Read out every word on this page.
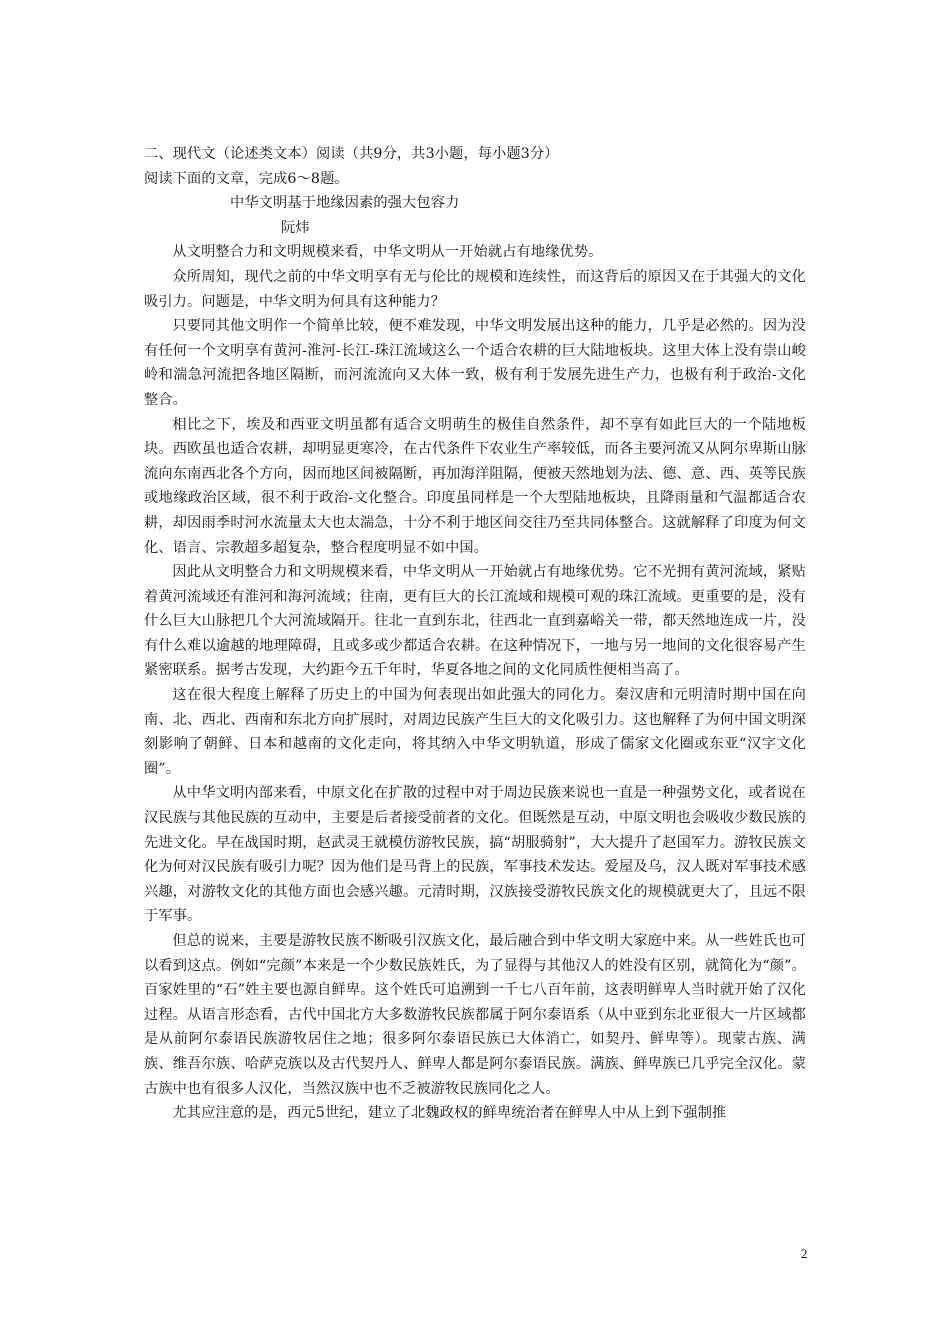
二、现代文（论述类文本）阅读（共9分，共3小题，每小题3分）

阅读下面的文章，完成6～8题。

中华文明基于地缘因素的强大包容力

阮炜

从文明整合力和文明规模来看，中华文明从一开始就占有地缘优势。

众所周知，现代之前的中华文明享有无与伦比的规模和连续性，而这背后的原因又在于其强大的文化吸引力。问题是，中华文明为何具有这种能力？

只要同其他文明作一个简单比较，便不难发现，中华文明发展出这种的能力，几乎是必然的。因为没有任何一个文明享有黄河-淮河-长江-珠江流域这么一个适合农耕的巨大陆地板块。这里大体上没有崇山峻岭和湍急河流把各地区隔断，而河流流向又大体一致，极有利于发展先进生产力，也极有利于政治-文化整合。

相比之下，埃及和西亚文明虽都有适合文明萌生的极佳自然条件，却不享有如此巨大的一个陆地板块。西欧虽也适合农耕，却明显更寒冷，在古代条件下农业生产率较低，而各主要河流又从阿尔卑斯山脉流向东南西北各个方向，因而地区间被隔断，再加海洋阻隔，便被天然地划为法、德、意、西、英等民族或地缘政治区域，很不利于政治-文化整合。印度虽同样是一个大型陆地板块，且降雨量和气温都适合农耕，却因雨季时河水流量太大也太湍急，十分不利于地区间交往乃至共同体整合。这就解释了印度为何文化、语言、宗教超多超复杂，整合程度明显不如中国。

因此从文明整合力和文明规模来看，中华文明从一开始就占有地缘优势。它不光拥有黄河流域，紧贴着黄河流域还有淮河和海河流域；往南，更有巨大的长江流域和规模可观的珠江流域。更重要的是，没有什么巨大山脉把几个大河流域隔开。往北一直到东北，往西北一直到嘉峪关一带，都天然地连成一片，没有什么难以逾越的地理障碍，且或多或少都适合农耕。在这种情况下，一地与另一地间的文化很容易产生紧密联系。据考古发现，大约距今五千年时，华夏各地之间的文化同质性便相当高了。

这在很大程度上解释了历史上的中国为何表现出如此强大的同化力。秦汉唐和元明清时期中国在向南、北、西北、西南和东北方向扩展时，对周边民族产生巨大的文化吸引力。这也解释了为何中国文明深刻影响了朝鲜、日本和越南的文化走向，将其纳入中华文明轨道，形成了儒家文化圈或东亚“汉字文化圈”。

从中华文明内部来看，中原文化在扩散的过程中对于周边民族来说也一直是一种强势文化，或者说在汉民族与其他民族的互动中，主要是后者接受前者的文化。但既然是互动，中原文明也会吸收少数民族的先进文化。早在战国时期，赵武灵王就模仿游牧民族，搞“胡服骑射”，大大提升了赵国军力。游牧民族文化为何对汉民族有吸引力呢？因为他们是马背上的民族，军事技术发达。爱屋及乌，汉人既对军事技术感兴趣，对游牧文化的其他方面也会感兴趣。元清时期，汉族接受游牧民族文化的规模就更大了，且远不限于军事。

但总的说来，主要是游牧民族不断吸引汉族文化，最后融合到中华文明大家庭中来。从一些姓氏也可以看到这点。例如“完颜”本来是一个少数民族姓氏，为了显得与其他汉人的姓没有区别，就简化为“颜”。百家姓里的“石”姓主要也源自鲜卑。这个姓氏可追溯到一千七八百年前，这表明鲜卑人当时就开始了汉化过程。从语言形态看，古代中国北方大多数游牧民族都属于阿尔泰语系（从中亚到东北亚很大一片区域都是从前阿尔泰语民族游牧居住之地；很多阿尔泰语民族已大体消亡，如契丹、鲜卑等）。现蒙古族、满族、维吾尔族、哈萨克族以及古代契丹人、鲜卑人都是阿尔泰语民族。满族、鲜卑族已几乎完全汉化。蒙古族中也有很多人汉化，当然汉族中也不乏被游牧民族同化之人。

尤其应注意的是，西元5世纪，建立了北魏政权的鲜卑统治者在鲜卑人中从上到下强制推

2
